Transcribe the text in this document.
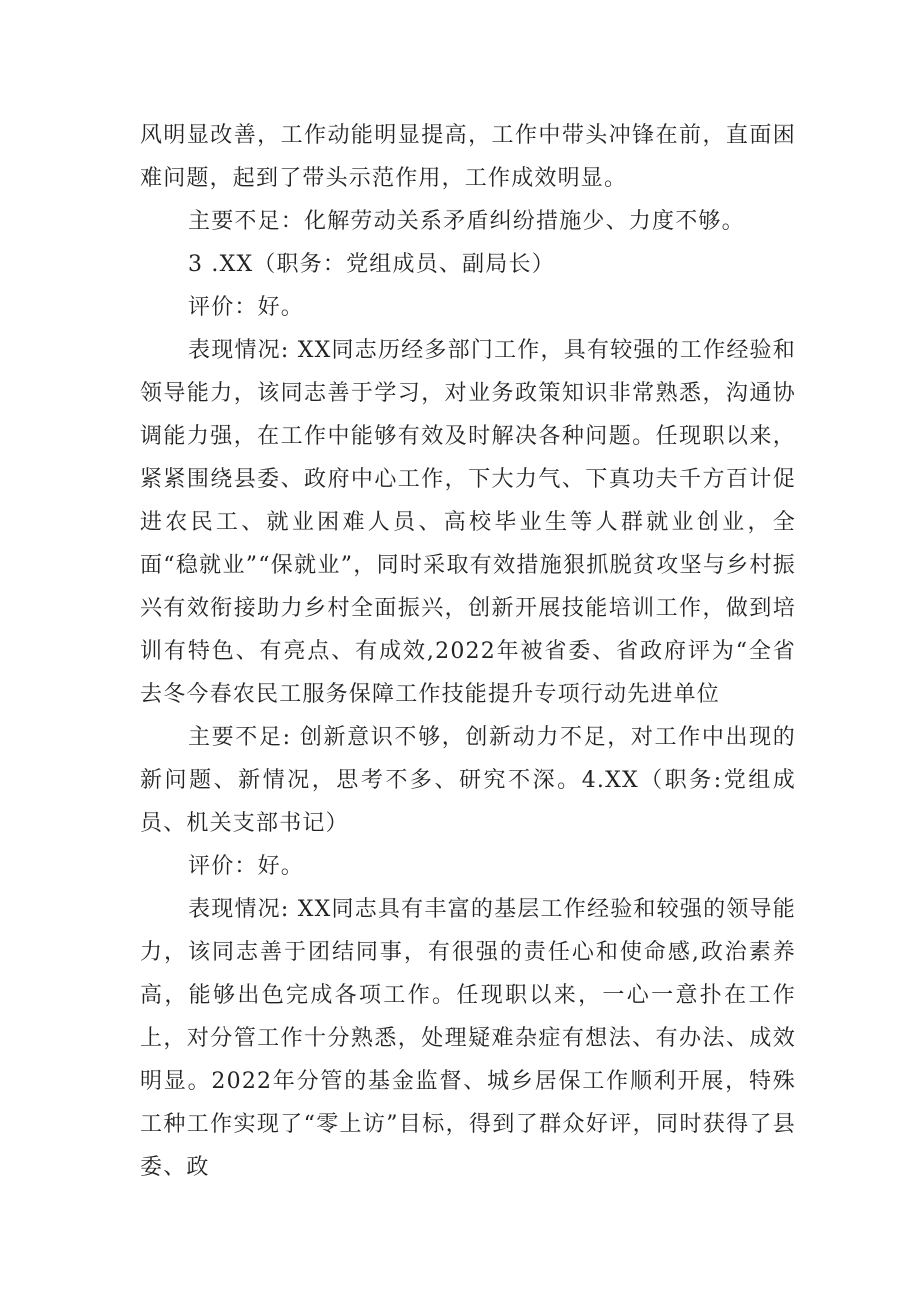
风明显改善，工作动能明显提高，工作中带头冲锋在前，直面困难问题，起到了带头示范作用，工作成效明显。

主要不足：化解劳动关系矛盾纠纷措施少、力度不够。

3 .XX（职务：党组成员、副局长）

评价：好。

表现情况: XX同志历经多部门工作，具有较强的工作经验和领导能力，该同志善于学习，对业务政策知识非常熟悉，沟通协调能力强，在工作中能够有效及时解决各种问题。任现职以来，紧紧围绕县委、政府中心工作，下大力气、下真功夫千方百计促进农民工、就业困难人员、高校毕业生等人群就业创业，全面“稳就业”“保就业”，同时采取有效措施狠抓脱贫攻坚与乡村振兴有效衔接助力乡村全面振兴，创新开展技能培训工作，做到培训有特色、有亮点、有成效,2022年被省委、省政府评为“全省去冬今春农民工服务保障工作技能提升专项行动先进单位

主要不足: 创新意识不够，创新动力不足，对工作中出现的新问题、新情况，思考不多、研究不深。4.XX（职务:党组成员、机关支部书记）

评价：好。

表现情况: XX同志具有丰富的基层工作经验和较强的领导能力，该同志善于团结同事，有很强的责任心和使命感,政治素养高，能够出色完成各项工作。任现职以来，一心一意扑在工作上，对分管工作十分熟悉，处理疑难杂症有想法、有办法、成效明显。2022年分管的基金监督、城乡居保工作顺利开展，特殊工种工作实现了“零上访”目标，得到了群众好评，同时获得了县委、政
